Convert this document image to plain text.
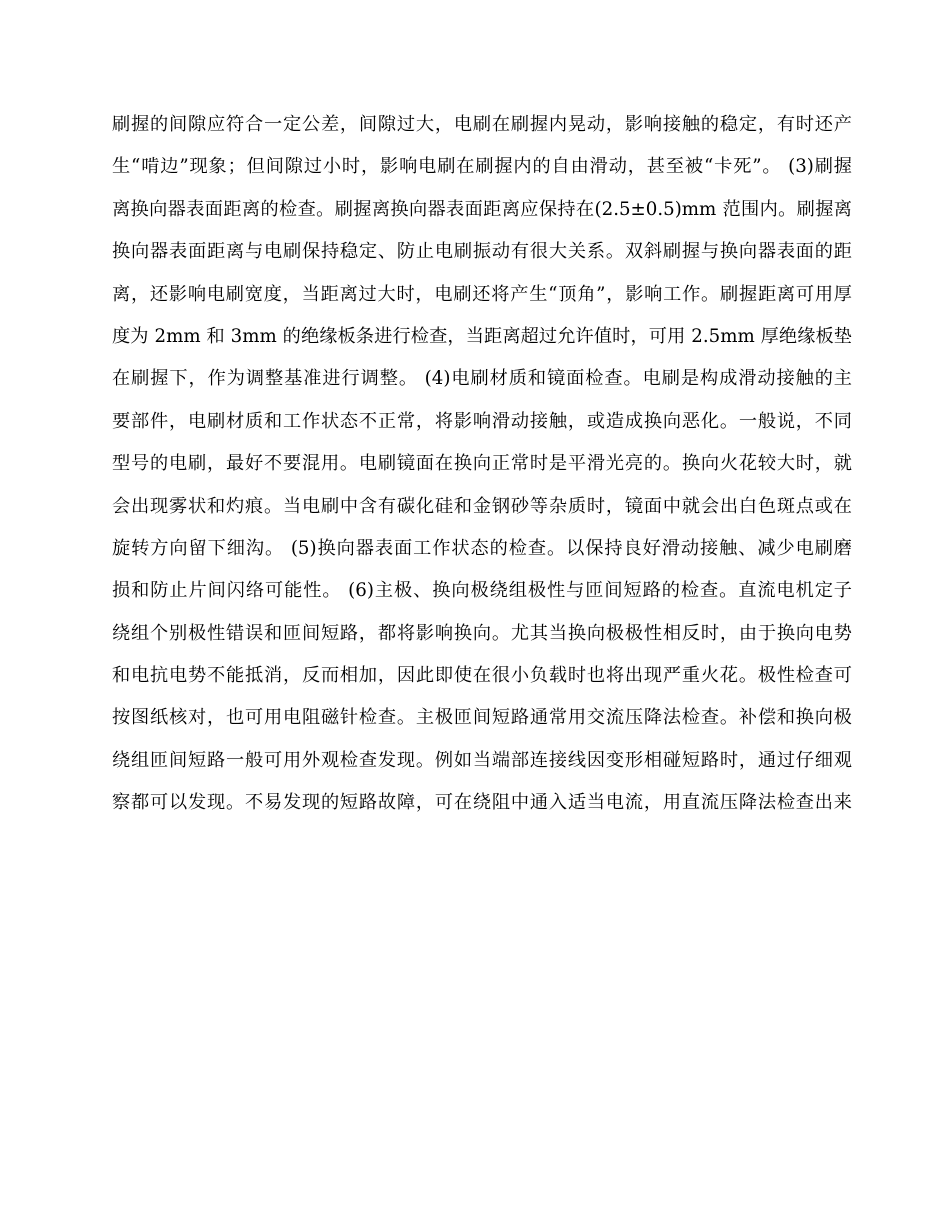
刷握的间隙应符合一定公差，间隙过大，电刷在刷握内晃动，影响接触的稳定，有时还产
生“啃边”现象；但间隙过小时，影响电刷在刷握内的自由滑动，甚至被“卡死”。 (3)刷握
离换向器表面距离的检查。刷握离换向器表面距离应保持在(2.5±0.5)mm 范围内。刷握离
换向器表面距离与电刷保持稳定、防止电刷振动有很大关系。双斜刷握与换向器表面的距
离，还影响电刷宽度，当距离过大时，电刷还将产生“顶角”，影响工作。刷握距离可用厚
度为 2mm 和 3mm 的绝缘板条进行检查，当距离超过允许值时，可用 2.5mm 厚绝缘板垫
在刷握下，作为调整基准进行调整。 (4)电刷材质和镜面检查。电刷是构成滑动接触的主
要部件，电刷材质和工作状态不正常，将影响滑动接触，或造成换向恶化。一般说，不同
型号的电刷，最好不要混用。电刷镜面在换向正常时是平滑光亮的。换向火花较大时，就
会出现雾状和灼痕。当电刷中含有碳化硅和金钢砂等杂质时，镜面中就会出白色斑点或在
旋转方向留下细沟。 (5)换向器表面工作状态的检查。以保持良好滑动接触、减少电刷磨
损和防止片间闪络可能性。 (6)主极、换向极绕组极性与匝间短路的检查。直流电机定子
绕组个别极性错误和匝间短路，都将影响换向。尤其当换向极极性相反时，由于换向电势
和电抗电势不能抵消，反而相加，因此即使在很小负载时也将出现严重火花。极性检查可
按图纸核对，也可用电阻磁针检查。主极匝间短路通常用交流压降法检查。补偿和换向极
绕组匝间短路一般可用外观检查发现。例如当端部连接线因变形相碰短路时，通过仔细观
察都可以发现。不易发现的短路故障，可在绕阻中通入适当电流，用直流压降法检查出来
